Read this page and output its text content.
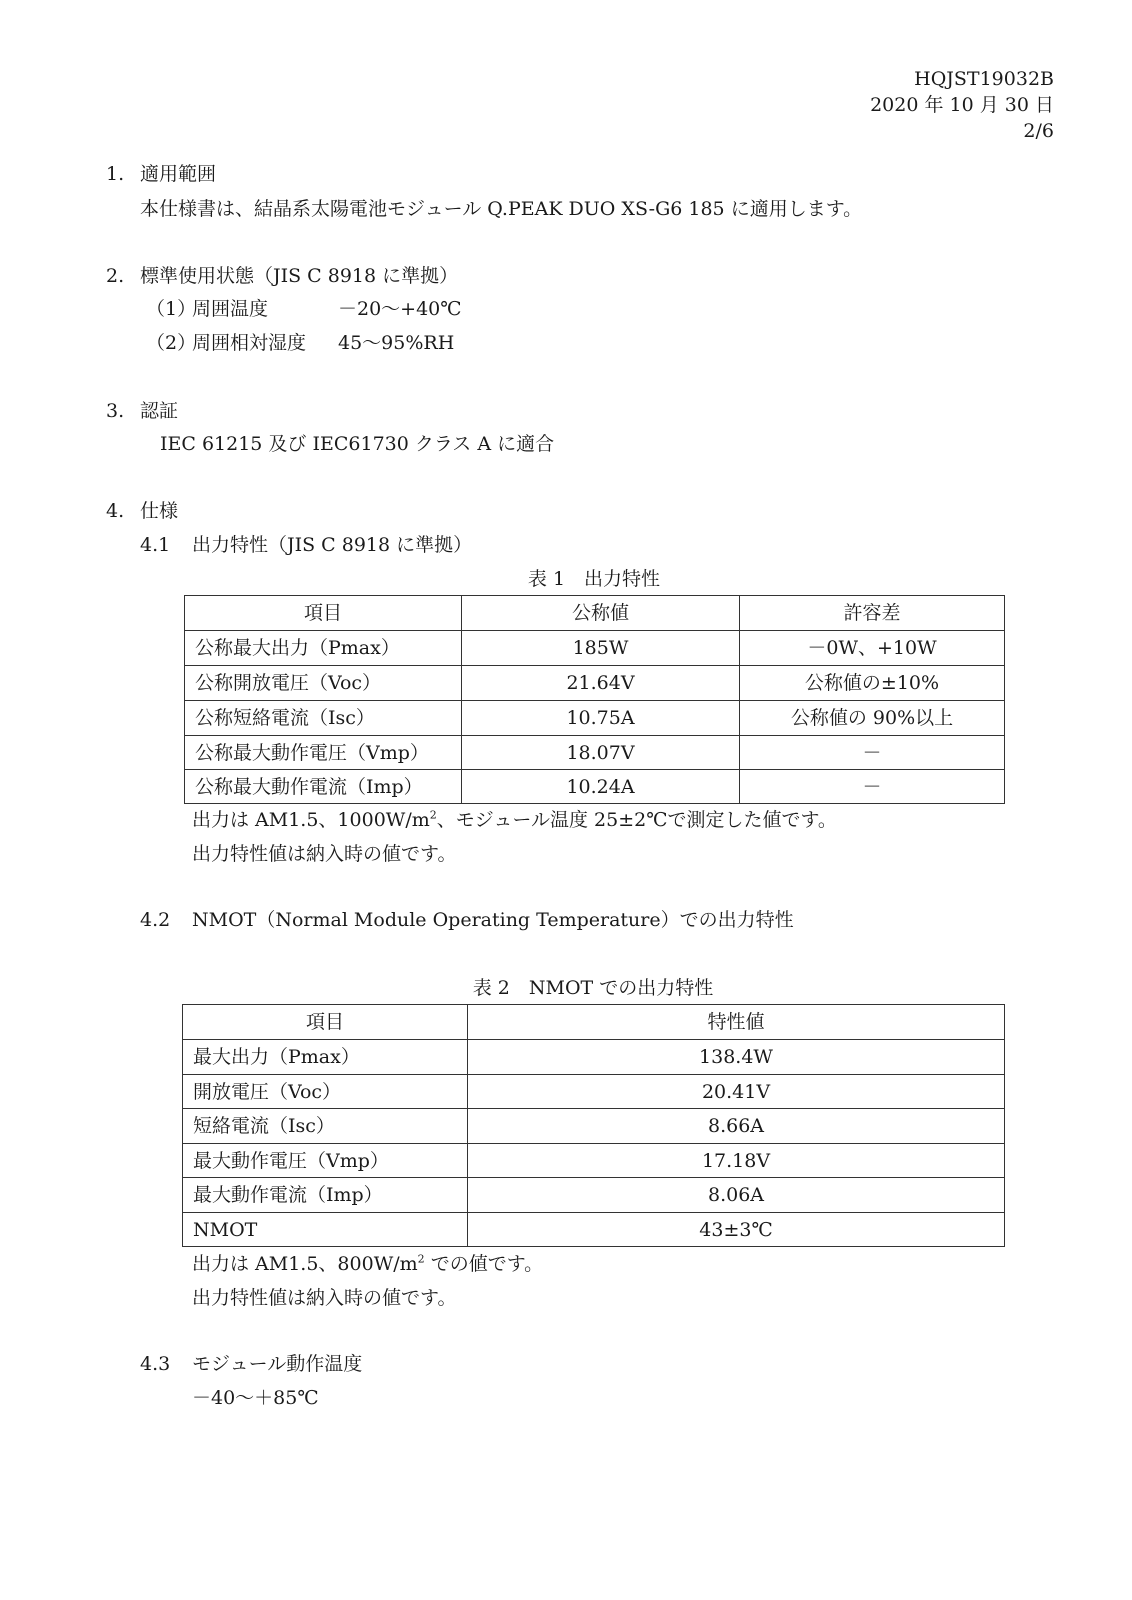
HQJST19032B
2020 年 10 月 30 日
2/6
1. 適用範囲
本仕様書は、結晶系太陽電池モジュール Q.PEAK DUO XS-G6 185 に適用します。
2. 標準使用状態（JIS C 8918 に準拠）
（1）
周囲温度	－20～+40℃
（2）
周囲相対湿度 45～95%RH
3. 認証
IEC 61215 及び IEC61730 クラス A に適合
4. 仕様
4.1 出力特性（JIS C 8918 に準拠）
表 1　出力特性
項目	公称値	許容差
公称最大出力（Pmax）	185W	－0W、+10W
公称開放電圧（Voc）	21.64V	公称値の±10%
公称短絡電流（Isc）	10.75A	公称値の 90%以上
公称最大動作電圧（Vmp）	18.07V	－
公称最大動作電流（Imp）	10.24A	－
出力は AM1.5、$1000W/m^2$、モジュール温度 25±2℃で測定した値です。
出力特性値は納入時の値です。
4.2 NMOT（Normal Module Operating Temperature）での出力特性
表 2　NMOT での出力特性
項目	特性値
最大出力（Pmax）	138.4W
開放電圧（Voc）	20.41V
短絡電流（Isc）	8.66A
最大動作電圧（Vmp）	17.18V
最大動作電流（Imp）	8.06A
NMOT	43±3℃
出力は AM1.5、$800W/m^2$ での値です。
出力特性値は納入時の値です。
4.3 モジュール動作温度
－40～＋85℃
